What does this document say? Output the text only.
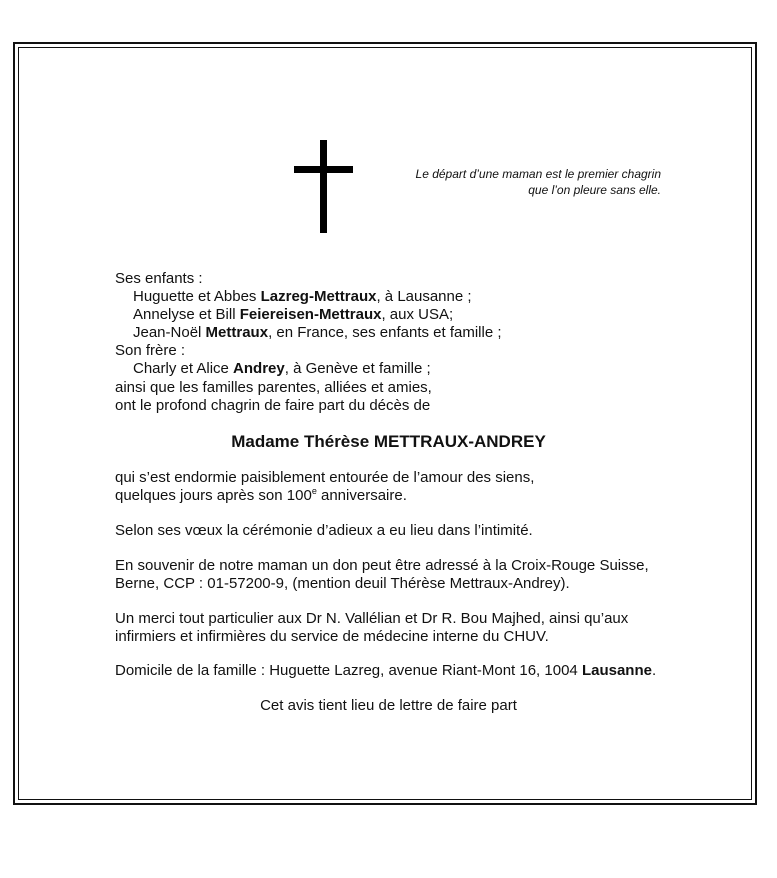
Le départ d’une maman est le premier chagrin
que l’on pleure sans elle.
Ses enfants :
Huguette et Abbes Lazreg-Mettraux, à Lausanne ;
Annelyse et Bill Feiereisen-Mettraux, aux USA;
Jean-Noël Mettraux, en France, ses enfants et famille ;
Son frère :
Charly et Alice Andrey, à Genève et famille ;
ainsi que les familles parentes, alliées et amies,
ont le profond chagrin de faire part du décès de
Madame Thérèse METTRAUX-ANDREY
qui s’est endormie paisiblement entourée de l’amour des siens,
quelques jours après son 100e anniversaire.
Selon ses vœux la cérémonie d’adieux a eu lieu dans l’intimité.
En souvenir de notre maman un don peut être adressé à la Croix-Rouge Suisse,
Berne, CCP : 01-57200-9, (mention deuil Thérèse Mettraux-Andrey).
Un merci tout particulier aux Dr N. Vallélian et Dr R. Bou Majhed, ainsi qu’aux
infirmiers et infirmières du service de médecine interne du CHUV.
Domicile de la famille : Huguette Lazreg, avenue Riant-Mont 16, 1004 Lausanne.
Cet avis tient lieu de lettre de faire part
